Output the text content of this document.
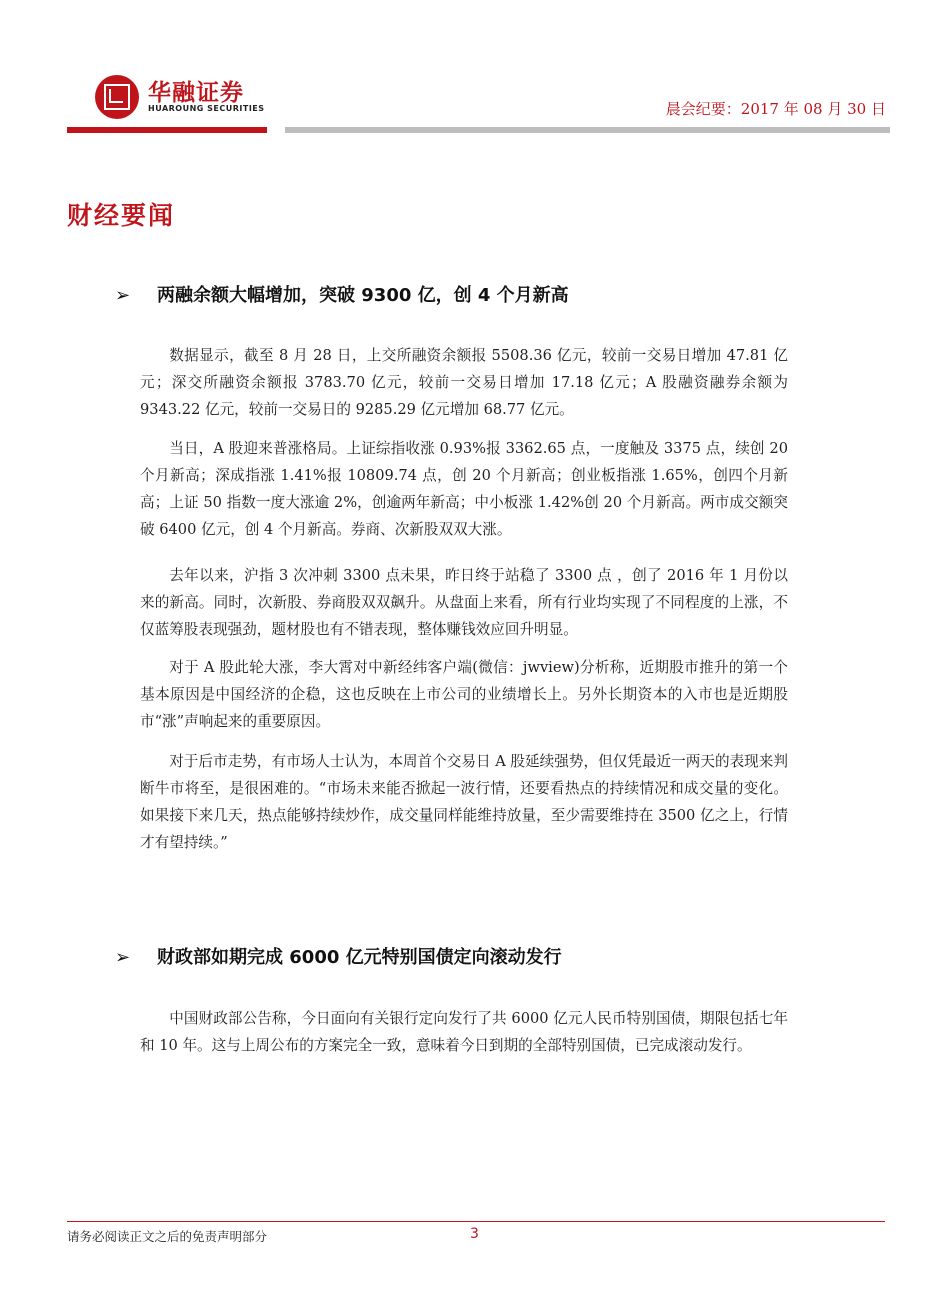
华融证券
HUAROUNG SECURITIES	晨会纪要：2017 年 08 月 30 日
财经要闻
➢ 两融余额大幅增加，突破 9300 亿，创 4 个月新高

数据显示，截至 8 月 28 日，上交所融资余额报 5508.36 亿元，较前一交易日增加 47.81 亿元；深交所融资余额报 3783.70 亿元，较前一交易日增加 17.18 亿元；A 股融资融券余额为 9343.22 亿元，较前一交易日的 9285.29 亿元增加 68.77 亿元。

当日，A 股迎来普涨格局。上证综指收涨 0.93%报 3362.65 点，一度触及 3375 点，续创 20 个月新高；深成指涨 1.41%报 10809.74 点，创 20 个月新高；创业板指涨 1.65%，创四个月新高；上证 50 指数一度大涨逾 2%，创逾两年新高；中小板涨 1.42%创 20 个月新高。两市成交额突破 6400 亿元，创 4 个月新高。券商、次新股双双大涨。

去年以来，沪指 3 次冲刺 3300 点未果，昨日终于站稳了 3300 点 ，创了 2016 年 1 月份以来的新高。同时，次新股、券商股双双飙升。从盘面上来看，所有行业均实现了不同程度的上涨，不仅蓝筹股表现强劲，题材股也有不错表现，整体赚钱效应回升明显。

对于 A 股此轮大涨，李大霄对中新经纬客户端(微信：jwview)分析称，近期股市推升的第一个基本原因是中国经济的企稳，这也反映在上市公司的业绩增长上。另外长期资本的入市也是近期股市“涨”声响起来的重要原因。

对于后市走势，有市场人士认为，本周首个交易日 A 股延续强势，但仅凭最近一两天的表现来判断牛市将至，是很困难的。“市场未来能否掀起一波行情，还要看热点的持续情况和成交量的变化。如果接下来几天，热点能够持续炒作，成交量同样能维持放量，至少需要维持在 3500 亿之上，行情才有望持续。”

➢ 财政部如期完成 6000 亿元特别国债定向滚动发行

中国财政部公告称，今日面向有关银行定向发行了共 6000 亿元人民币特别国债，期限包括七年和 10 年。这与上周公布的方案完全一致，意味着今日到期的全部特别国债，已完成滚动发行。

请务必阅读正文之后的免责声明部分	3
